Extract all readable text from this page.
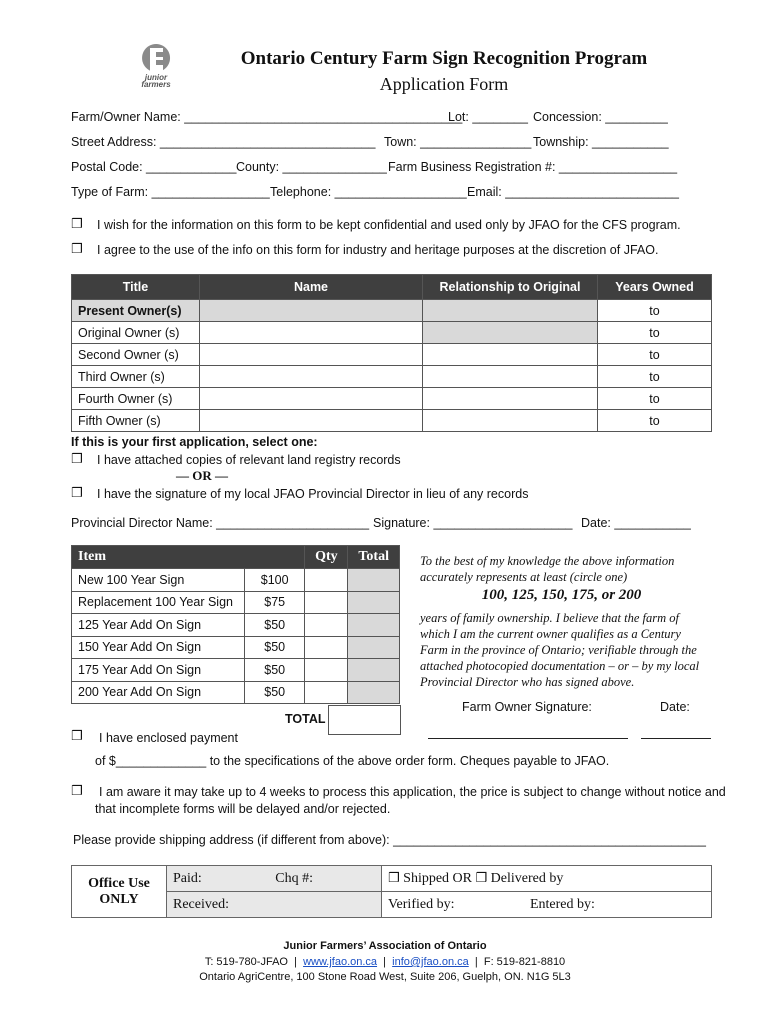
junior
farmers
Ontario Century Farm Sign Recognition Program
Application Form
Farm/Owner Name: ________________________________________
Lot: ________ Concession: _________
Street Address: _______________________________ Town: ________________ Township: ___________
Postal Code: _____________ County: _______________ Farm Business Registration #: _________________
Type of Farm: _________________ Telephone: ___________________ Email: _________________________
❒ I wish for the information on this form to be kept confidential and used only by JFAO for the CFS program.
❒ I agree to the use of the info on this form for industry and heritage purposes at the discretion of JFAO.
Title	Name	Relationship to Original	Years Owned
Present Owner(s)			to
Original Owner (s)			to
Second Owner (s)			to
Third Owner (s)			to
Fourth Owner (s)			to
Fifth Owner (s)			to
If this is your first application, select one:
❒ I have attached copies of relevant land registry records
— OR —
❒ I have the signature of my local JFAO Provincial Director in lieu of any records
Provincial Director Name: ______________________ Signature: ____________________ Date: ___________
Item		Qty	Total
New 100 Year Sign	$100		
Replacement 100 Year Sign	$75		
125 Year Add On Sign	$50		
150 Year Add On Sign	$50		
175 Year Add On Sign	$50		
200 Year Add On Sign	$50		
TOTAL
To the best of my knowledge the above information
accurately represents at least (circle one)
100, 125, 150, 175, or 200
years of family ownership. I believe that the farm of
which I am the current owner qualifies as a Century
Farm in the province of Ontario; verifiable through the
attached photocopied documentation – or – by my local
Provincial Director who has signed above.
Farm Owner Signature:	Date:
❒ I have enclosed payment
of $_____________ to the specifications of the above order form. Cheques payable to JFAO.
❒ I am aware it may take up to 4 weeks to process this application, the price is subject to change without notice and
that incomplete forms will be delayed and/or rejected.
Please provide shipping address (if different from above): _____________________________________________
Office Use
ONLY	Paid: Chq #:	❒ Shipped OR ❒ Delivered by
	Received:	Verified by: Entered by:
Junior Farmers’ Association of Ontario
T: 519-780-JFAO  |  www.jfao.on.ca  |  info@jfao.on.ca  |  F: 519-821-8810
Ontario AgriCentre, 100 Stone Road West, Suite 206, Guelph, ON. N1G 5L3
